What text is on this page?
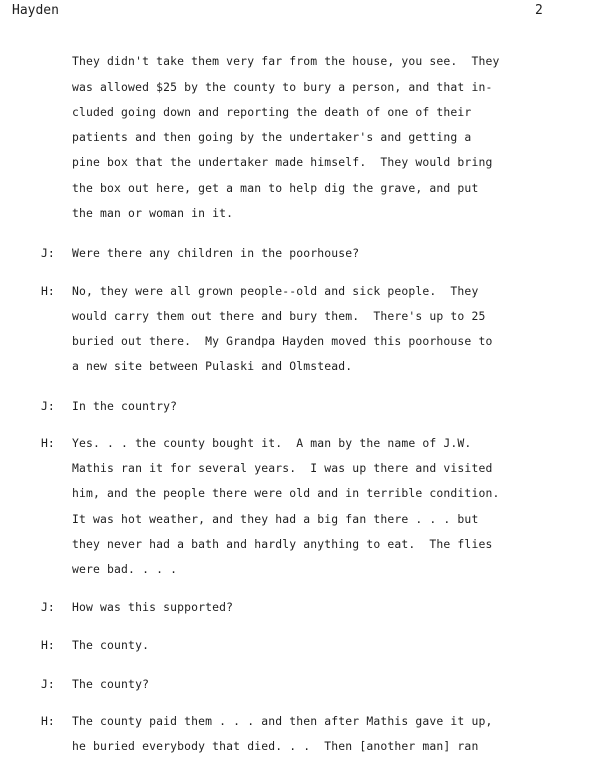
Hayden	2
They didn't take them very far from the house, you see.  They
was allowed $25 by the county to bury a person, and that in-
cluded going down and reporting the death of one of their
patients and then going by the undertaker's and getting a
pine box that the undertaker made himself.  They would bring
the box out here, get a man to help dig the grave, and put
the man or woman in it.
J: Were there any children in the poorhouse?
H: No, they were all grown people--old and sick people.  They
would carry them out there and bury them.  There's up to 25
buried out there.  My Grandpa Hayden moved this poorhouse to
a new site between Pulaski and Olmstead.
J: In the country?
H: Yes. . . the county bought it.  A man by the name of J.W.
Mathis ran it for several years.  I was up there and visited
him, and the people there were old and in terrible condition.
It was hot weather, and they had a big fan there . . . but
they never had a bath and hardly anything to eat.  The flies
were bad. . . .
J: How was this supported?
H: The county.
J: The county?
H: The county paid them . . . and then after Mathis gave it up,
he buried everybody that died. . .  Then [another man] ran
